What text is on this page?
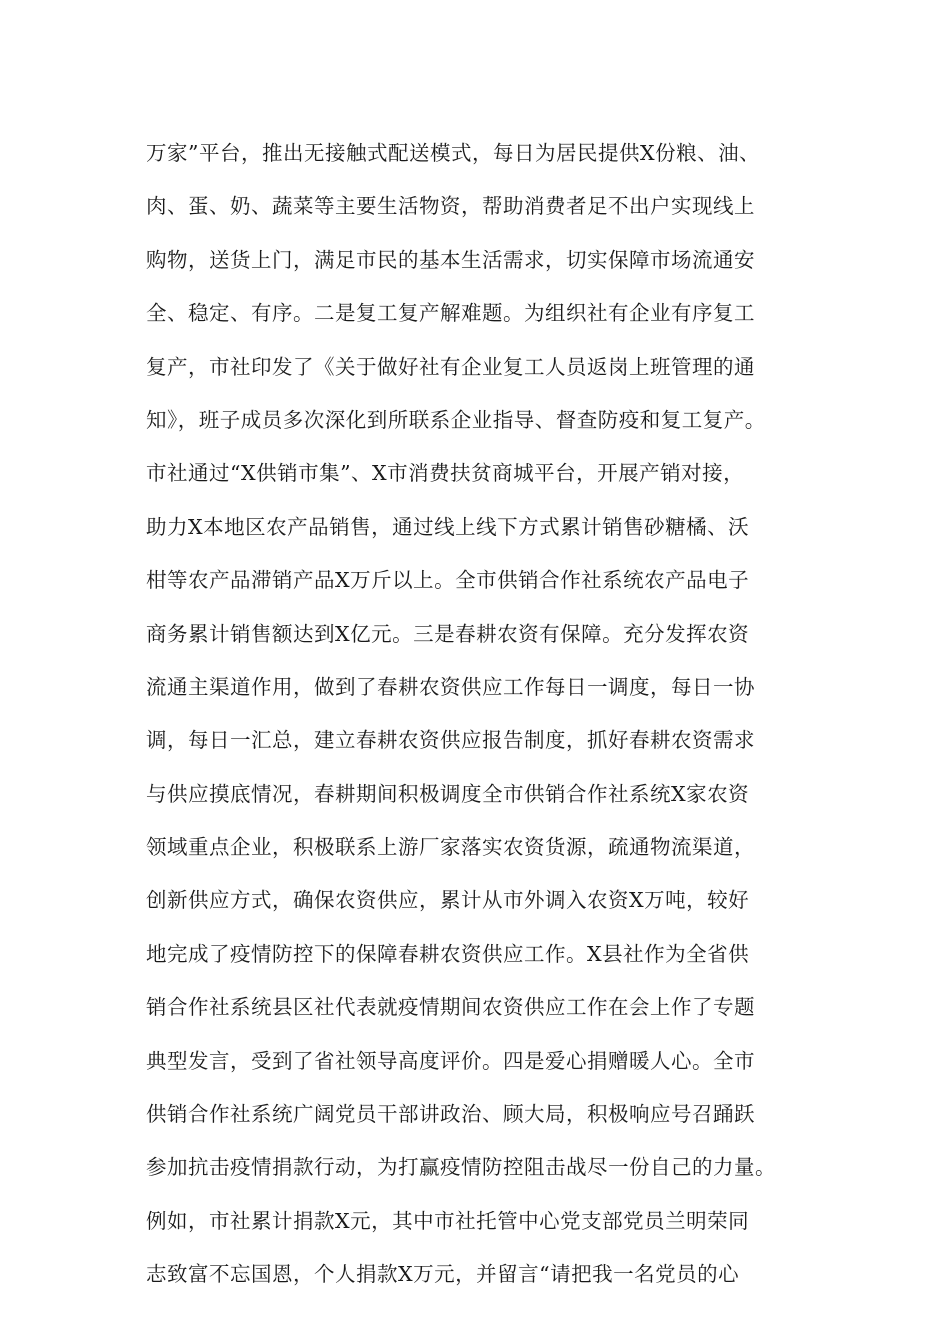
万家”平台，推出无接触式配送模式，每日为居民提供X份粮、油、
肉、蛋、奶、蔬菜等主要生活物资，帮助消费者足不出户实现线上
购物，送货上门，满足市民的基本生活需求，切实保障市场流通安
全、稳定、有序。二是复工复产解难题。为组织社有企业有序复工
复产，市社印发了《关于做好社有企业复工人员返岗上班管理的通
知》，班子成员多次深化到所联系企业指导、督查防疫和复工复产。
市社通过“X供销市集”、X市消费扶贫商城平台，开展产销对接，
助力X本地区农产品销售，通过线上线下方式累计销售砂糖橘、沃
柑等农产品滞销产品X万斤以上。全市供销合作社系统农产品电子
商务累计销售额达到X亿元。三是春耕农资有保障。充分发挥农资
流通主渠道作用，做到了春耕农资供应工作每日一调度，每日一协
调，每日一汇总，建立春耕农资供应报告制度，抓好春耕农资需求
与供应摸底情况，春耕期间积极调度全市供销合作社系统X家农资
领域重点企业，积极联系上游厂家落实农资货源，疏通物流渠道，
创新供应方式，确保农资供应，累计从市外调入农资X万吨，较好
地完成了疫情防控下的保障春耕农资供应工作。X县社作为全省供
销合作社系统县区社代表就疫情期间农资供应工作在会上作了专题
典型发言，受到了省社领导高度评价。四是爱心捐赠暖人心。全市
供销合作社系统广阔党员干部讲政治、顾大局，积极响应号召踊跃
参加抗击疫情捐款行动，为打赢疫情防控阻击战尽一份自己的力量。
例如，市社累计捐款X元，其中市社托管中心党支部党员兰明荣同
志致富不忘国恩，个人捐款X万元，并留言“请把我一名党员的心
